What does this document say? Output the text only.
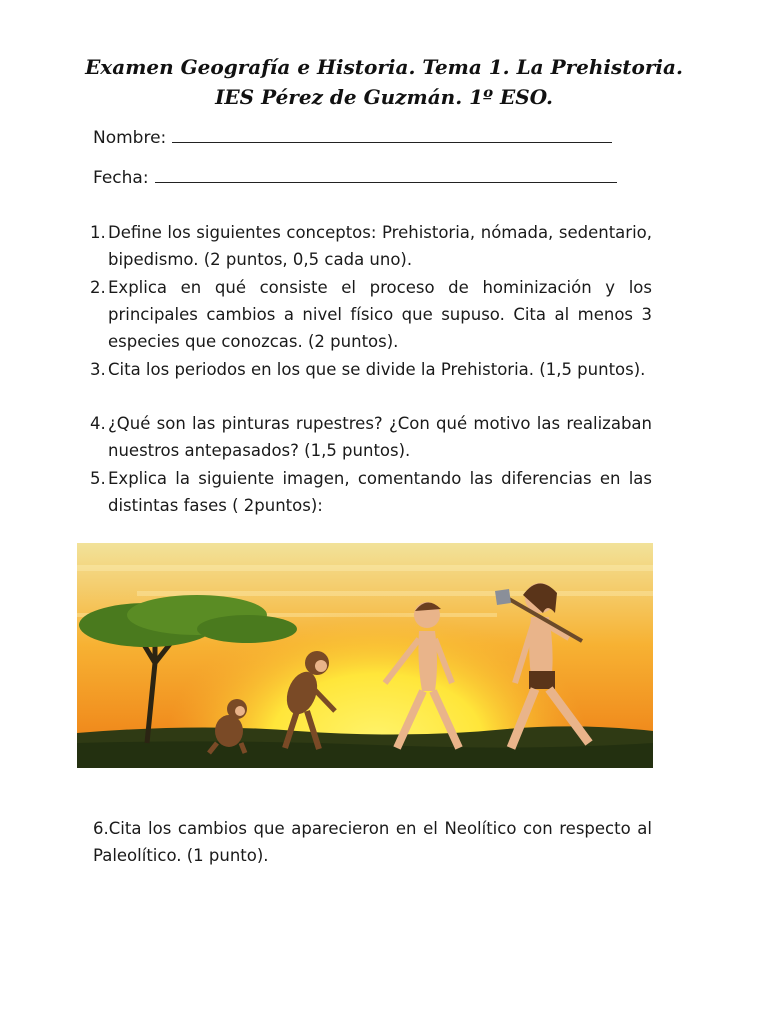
Examen Geografía e Historia. Tema 1. La Prehistoria.
IES Pérez de Guzmán. 1º ESO.
Nombre:
Fecha:
1. Define los siguientes conceptos: Prehistoria, nómada, sedentario, bipedismo. (2 puntos, 0,5 cada uno).
2. Explica en qué consiste el proceso de hominización y los principales cambios a nivel físico que supuso. Cita al menos 3 especies que conozcas. (2 puntos).
3. Cita los periodos en los que se divide la Prehistoria. (1,5 puntos).
4. ¿Qué son las pinturas rupestres? ¿Con qué motivo las realizaban nuestros antepasados? (1,5 puntos).
5. Explica la siguiente imagen, comentando las diferencias en las distintas fases ( 2puntos):
6.Cita los cambios que aparecieron en el Neolítico con respecto al Paleolítico. (1 punto).
